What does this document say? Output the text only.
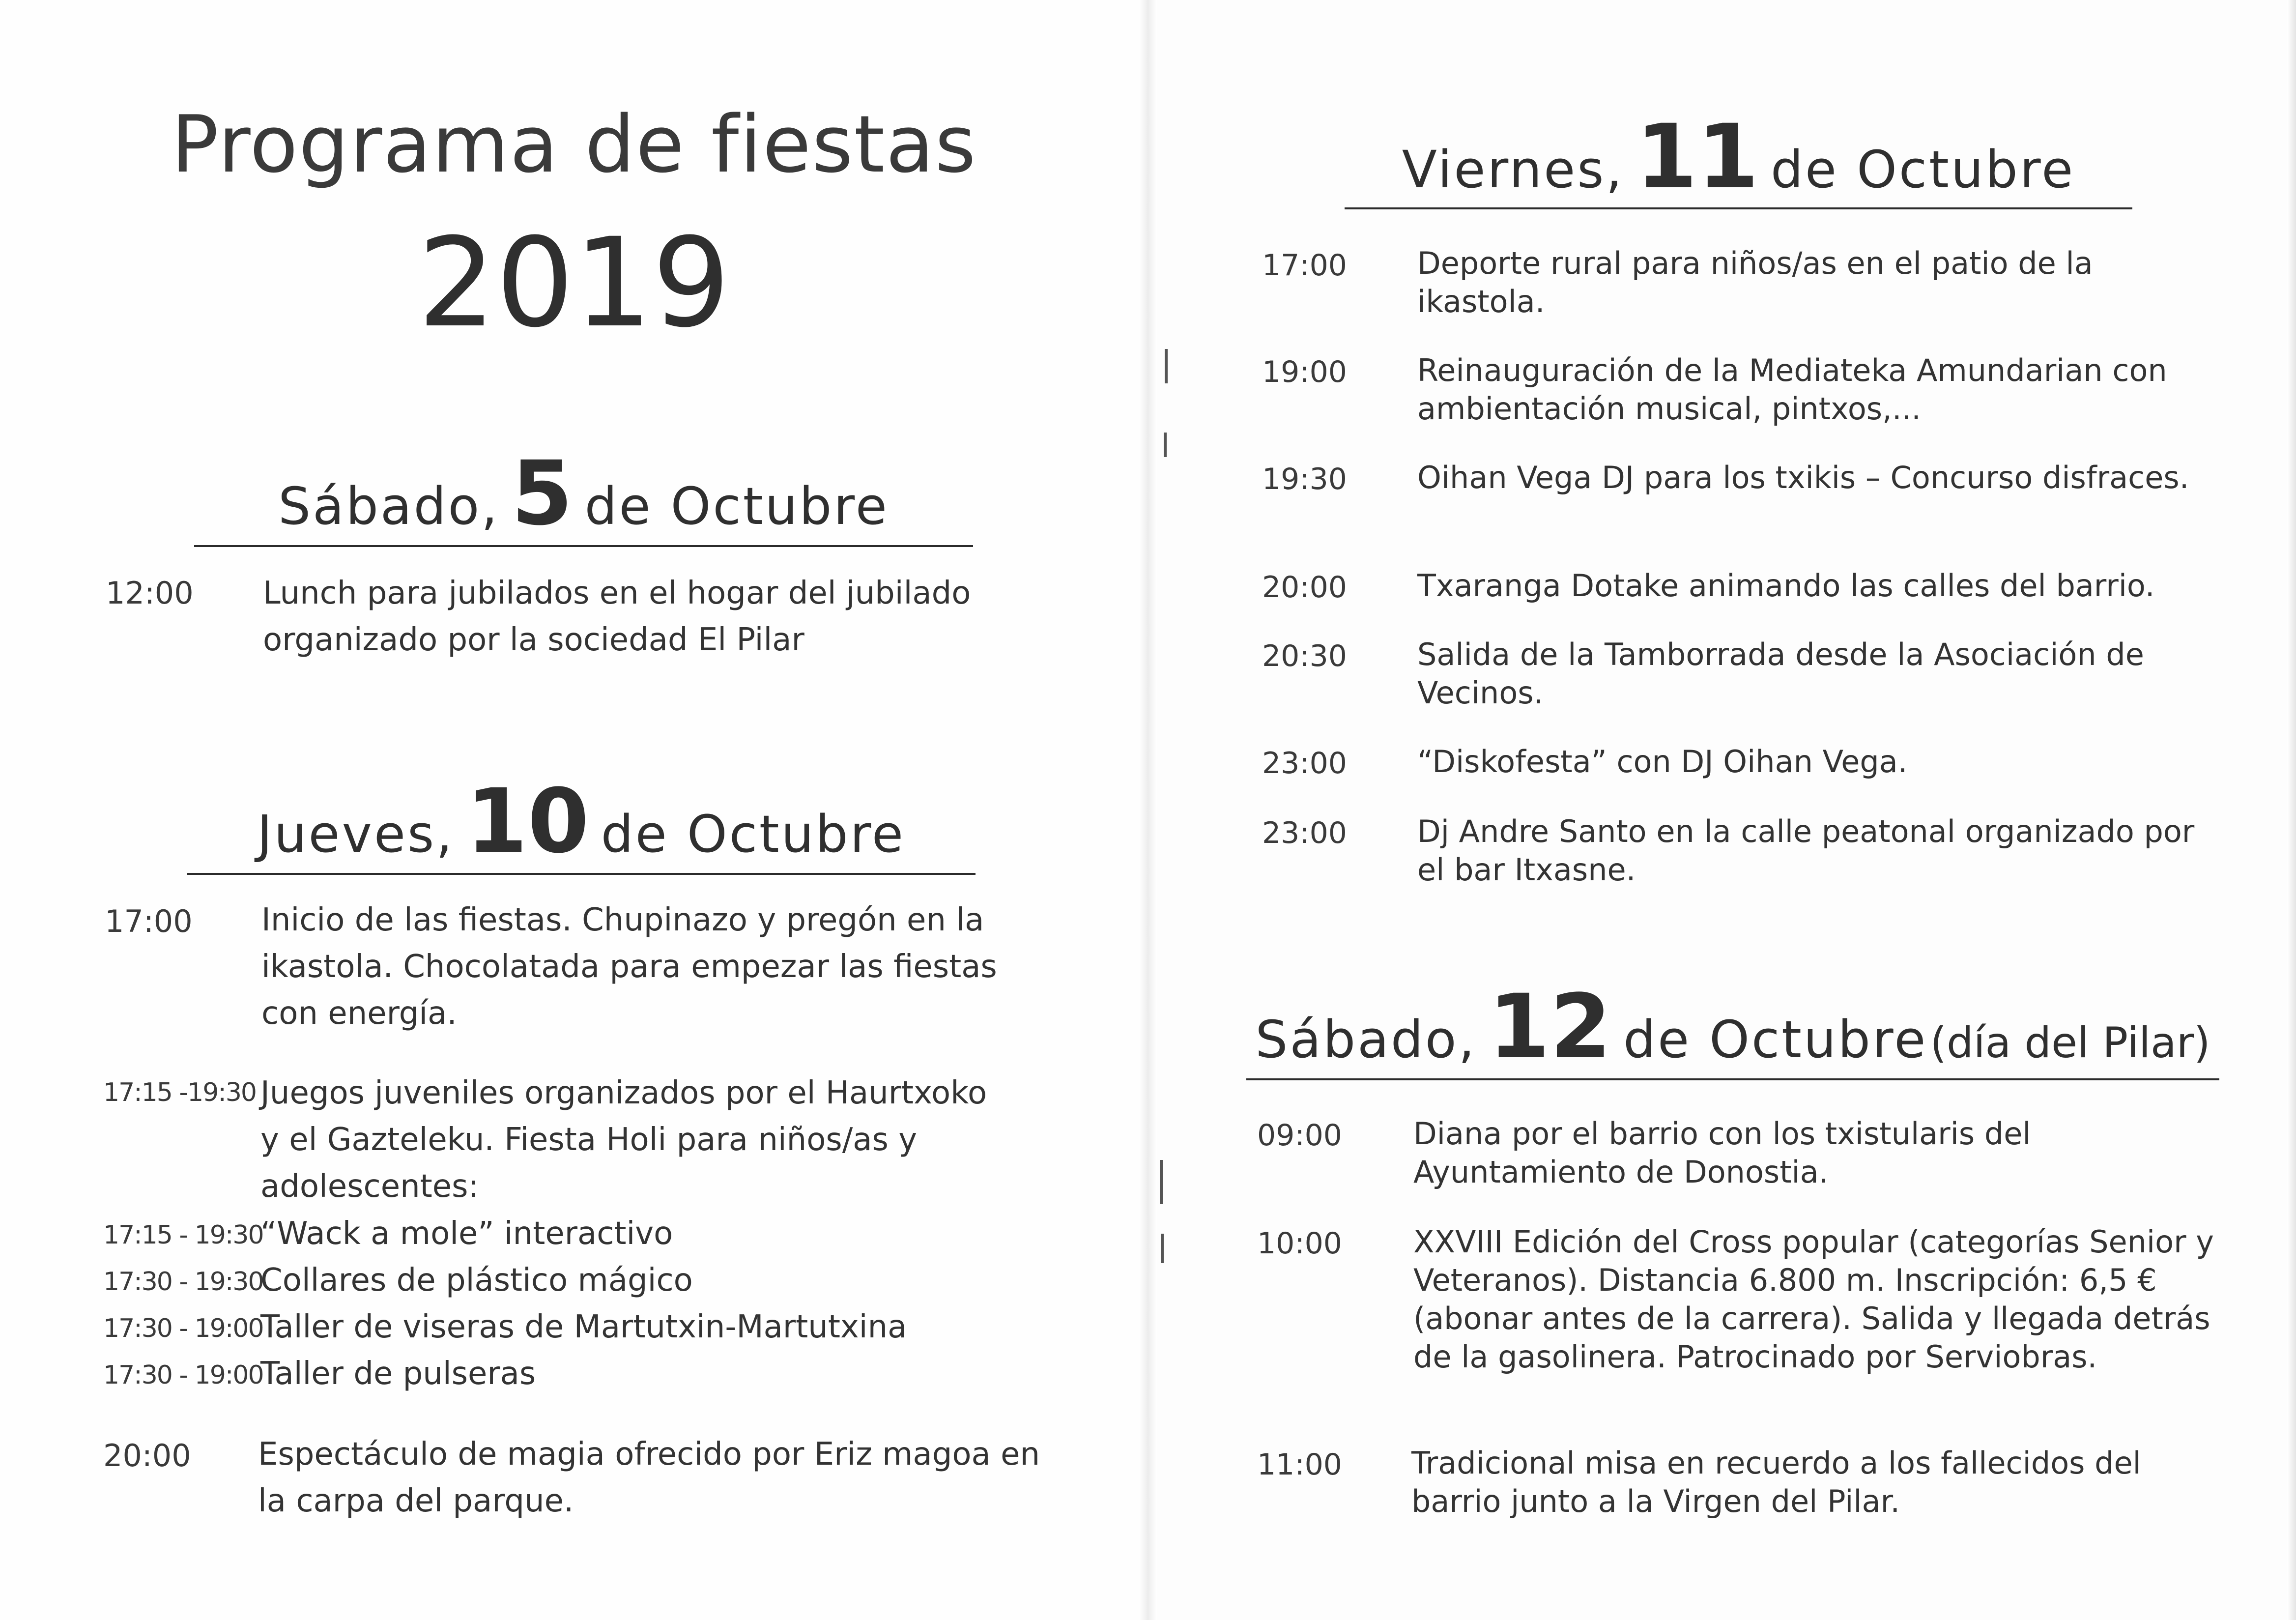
Programa de fiestas
2019
Sábado, 5 de Octubre
12:00 Lunch para jubilados en el hogar del jubilado organizado por la sociedad El Pilar
Jueves, 10 de Octubre
17:00 Inicio de las fiestas. Chupinazo y pregón en la ikastola. Chocolatada para empezar las fiestas con energía.
17:15 -19:30 Juegos juveniles organizados por el Haurtxoko y el Gazteleku. Fiesta Holi para niños/as y adolescentes:
17:15 - 19:30
“Wack a mole” interactivo
17:30 - 19:30
Collares de plástico mágico
17:30 - 19:00
Taller de viseras de Martutxin-Martutxina
17:30 - 19:00
Taller de pulseras
20:00 Espectáculo de magia ofrecido por Eriz magoa en la carpa del parque.
Viernes, 11 de Octubre
17:00 Deporte rural para niños/as en el patio de la ikastola.
19:00 Reinauguración de la Mediateka Amundarian con ambientación musical, pintxos,...
19:30 Oihan Vega DJ para los txikis – Concurso disfraces.
20:00 Txaranga Dotake animando las calles del barrio.
20:30 Salida de la Tamborrada desde la Asociación de Vecinos.
23:00 “Diskofesta” con DJ Oihan Vega.
23:00 Dj Andre Santo en la calle peatonal organizado por el bar Itxasne.
Sábado, 12 de Octubre (día del Pilar)
09:00 Diana por el barrio con los txistularis del Ayuntamiento de Donostia.
10:00 XXVIII Edición del Cross popular (categorías Senior y Veteranos). Distancia 6.800 m. Inscripción: 6,5 € (abonar antes de la carrera). Salida y llegada detrás de la gasolinera. Patrocinado por Serviobras.
11:00 Tradicional misa en recuerdo a los fallecidos del barrio junto a la Virgen del Pilar.
